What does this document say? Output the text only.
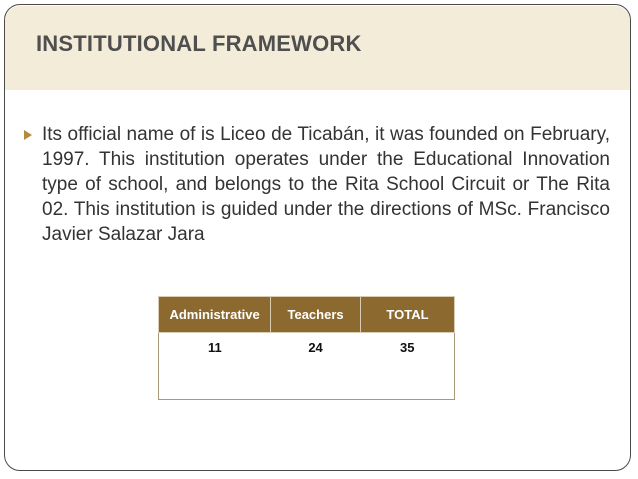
INSTITUTIONAL FRAMEWORK

Its official name of is Liceo de Ticabán, it was founded on February, 1997. This institution operates under the Educational Innovation type of school, and belongs to the Rita School Circuit or The Rita 02. This institution is guided under the directions of MSc. Francisco Javier Salazar Jara

Administrative	Teachers	TOTAL
11	24	35
